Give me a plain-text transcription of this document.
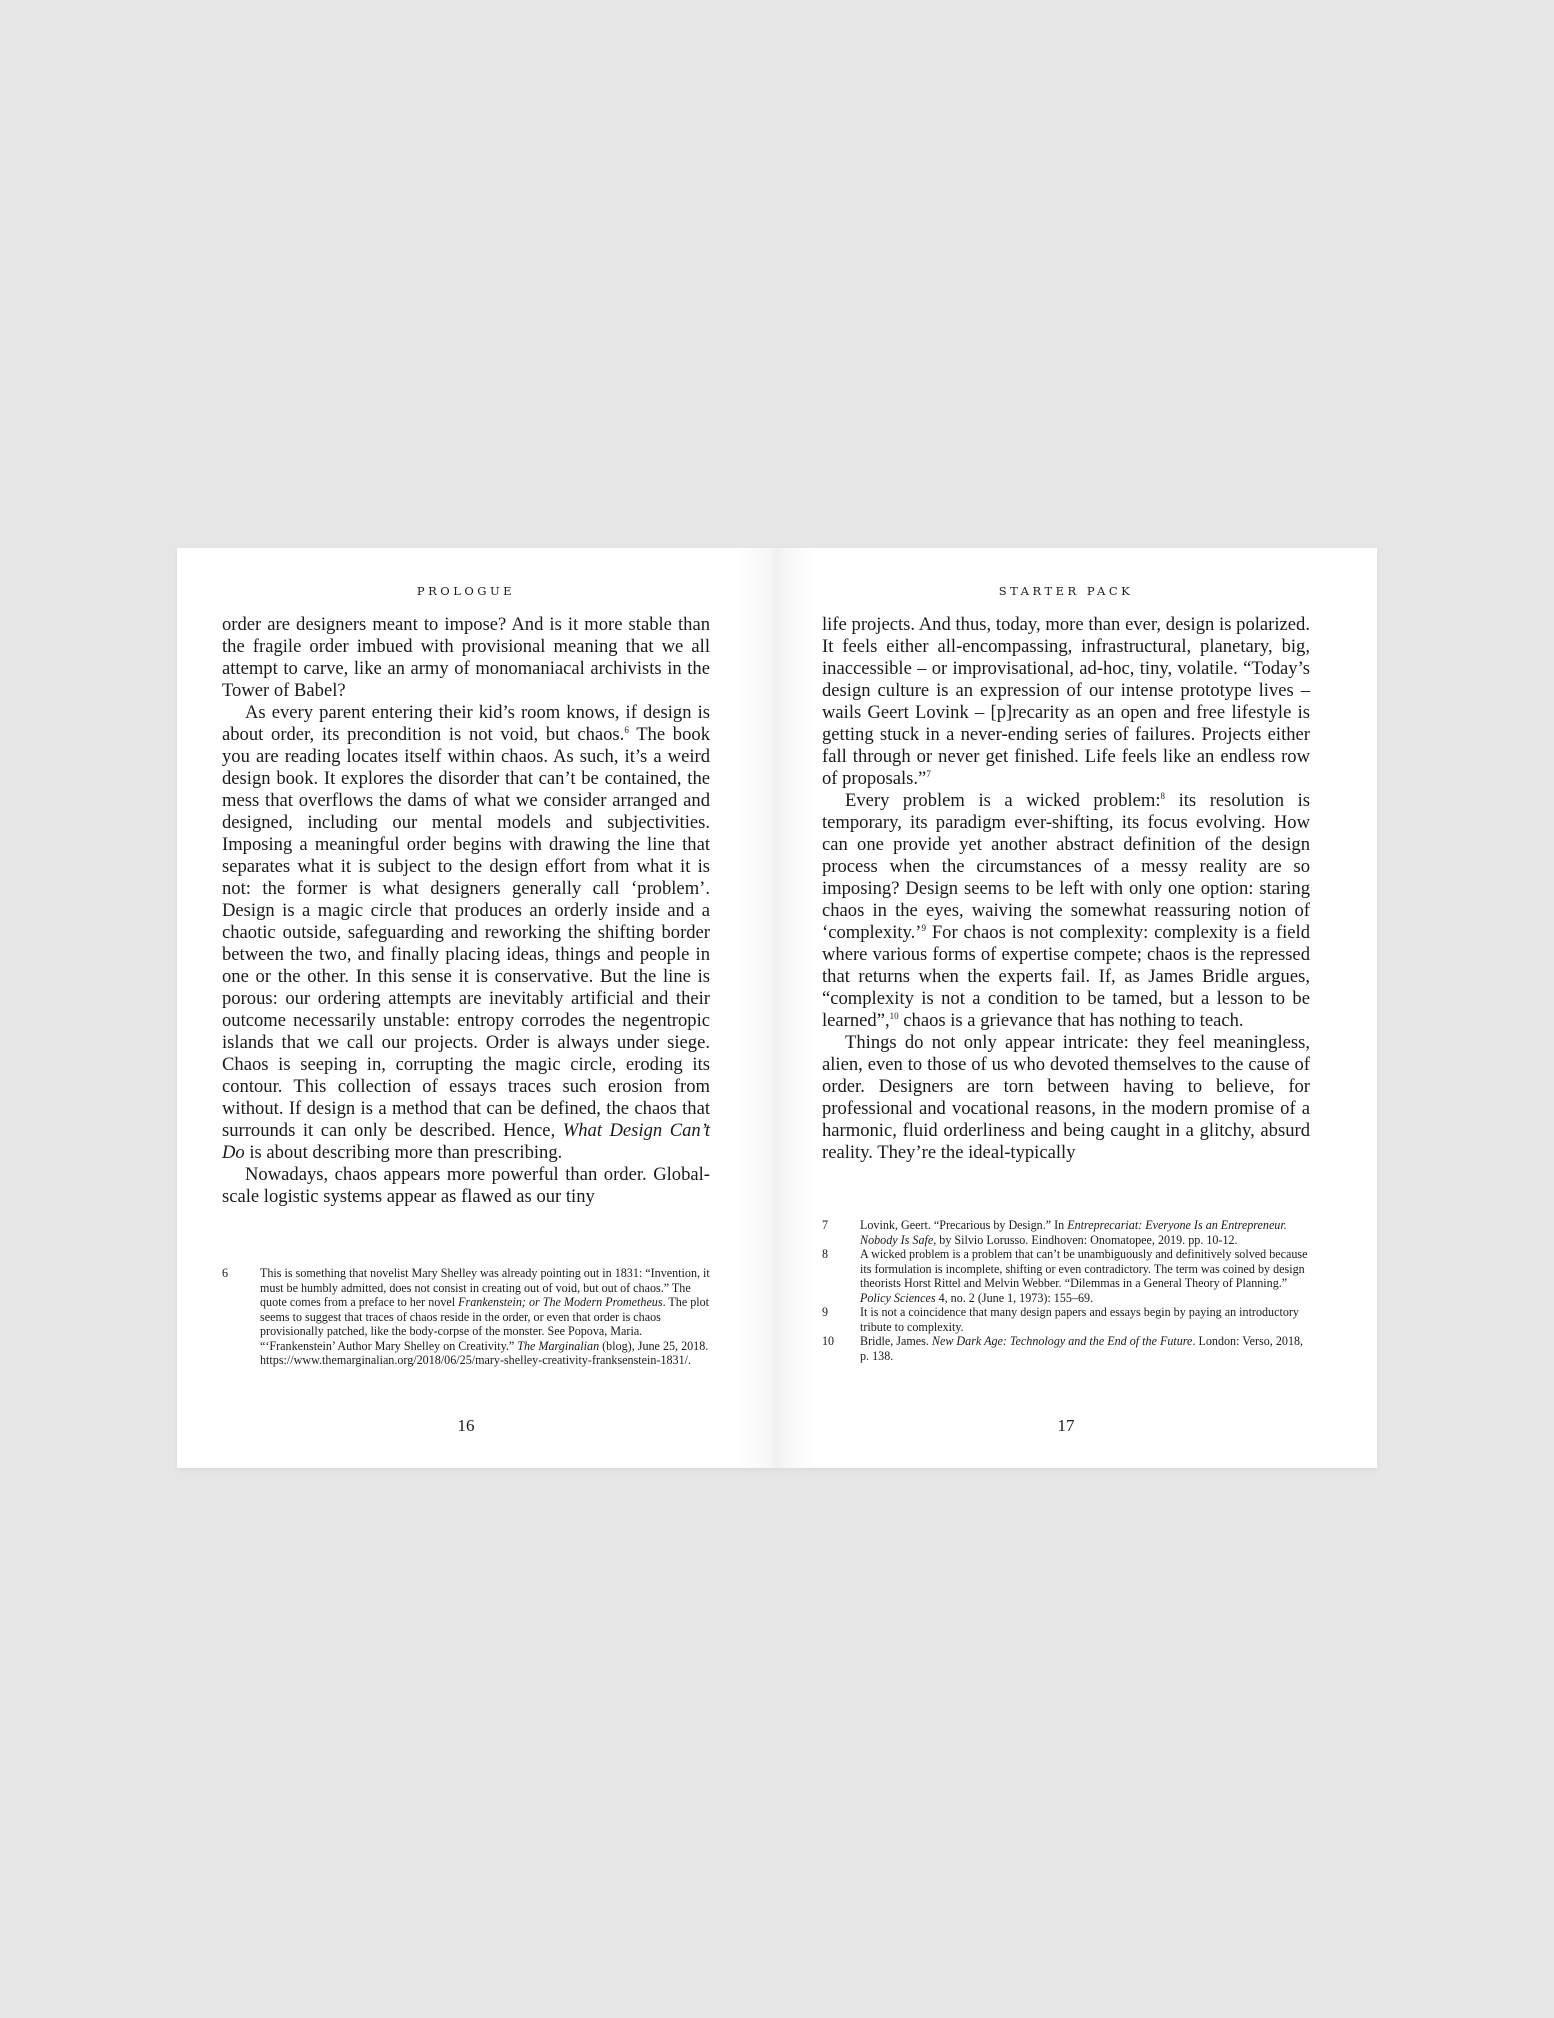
PROLOGUE

order are designers meant to impose? And is it more stable than the fragile order imbued with provisional meaning that we all attempt to carve, like an army of monomaniacal archivists in the Tower of Babel?

As every parent entering their kid’s room knows, if design is about order, its precondition is not void, but chaos.$^6$ The book you are reading locates itself within chaos. As such, it’s a weird design book. It explores the disorder that can’t be contained, the mess that overflows the dams of what we consider arranged and designed, including our mental models and subjectivities. Imposing a meaningful order begins with drawing the line that separates what it is subject to the design effort from what it is not: the former is what designers generally call ‘problem’. Design is a magic circle that produces an orderly inside and a chaotic outside, safeguarding and reworking the shifting border between the two, and finally placing ideas, things and people in one or the other. In this sense it is conservative. But the line is porous: our ordering attempts are inevitably artificial and their outcome necessarily unstable: entropy corrodes the negentropic islands that we call our projects. Order is always under siege. Chaos is seeping in, corrupting the magic circle, eroding its contour. This collection of essays traces such erosion from without. If design is a method that can be defined, the chaos that surrounds it can only be described. Hence, What Design Can’t Do is about describing more than prescribing.

Nowadays, chaos appears more powerful than order. Global-scale logistic systems appear as flawed as our tiny

6	This is something that novelist Mary Shelley was already pointing out in 1831: “Invention, it must be humbly admitted, does not consist in creating out of void, but out of chaos.” The quote comes from a preface to her novel Frankenstein; or The Modern Prometheus. The plot seems to suggest that traces of chaos reside in the order, or even that order is chaos provisionally patched, like the body-corpse of the monster. See Popova, Maria. “‘Frankenstein’ Author Mary Shelley on Creativity.” The Marginalian (blog), June 25, 2018. https://www.themarginalian.org/2018/06/25/mary-shelley-creativity-franksenstein-1831/.
16
STARTER PACK

life projects. And thus, today, more than ever, design is polarized. It feels either all-encompassing, infrastructural, planetary, big, inaccessible – or improvisational, ad-hoc, tiny, volatile. “Today’s design culture is an expression of our intense prototype lives – wails Geert Lovink – [p]recarity as an open and free lifestyle is getting stuck in a never-ending series of failures. Projects either fall through or never get finished. Life feels like an endless row of proposals.”$^7$

Every problem is a wicked problem:$^8$ its resolution is temporary, its paradigm ever-shifting, its focus evolving. How can one provide yet another abstract definition of the design process when the circumstances of a messy reality are so imposing? Design seems to be left with only one option: staring chaos in the eyes, waiving the somewhat reassuring notion of ‘complexity.’$^9$ For chaos is not complexity: complexity is a field where various forms of expertise compete; chaos is the repressed that returns when the experts fail. If, as James Bridle argues, “complexity is not a condition to be tamed, but a lesson to be learned”,$^{10}$ chaos is a grievance that has nothing to teach.

Things do not only appear intricate: they feel meaningless, alien, even to those of us who devoted themselves to the cause of order. Designers are torn between having to believe, for professional and vocational reasons, in the modern promise of a harmonic, fluid orderliness and being caught in a glitchy, absurd reality. They’re the ideal-typically

7	Lovink, Geert. “Precarious by Design.” In Entreprecariat: Everyone Is an Entrepreneur. Nobody Is Safe, by Silvio Lorusso. Eindhoven: Onomatopee, 2019. pp. 10-12.
8	A wicked problem is a problem that can’t be unambiguously and definitively solved because its formulation is incomplete, shifting or even contradictory. The term was coined by design theorists Horst Rittel and Melvin Webber. “Dilemmas in a General Theory of Planning.” Policy Sciences 4, no. 2 (June 1, 1973): 155–69.
9	It is not a coincidence that many design papers and essays begin by paying an introductory tribute to complexity.
10	Bridle, James. New Dark Age: Technology and the End of the Future. London: Verso, 2018, p. 138.
17
